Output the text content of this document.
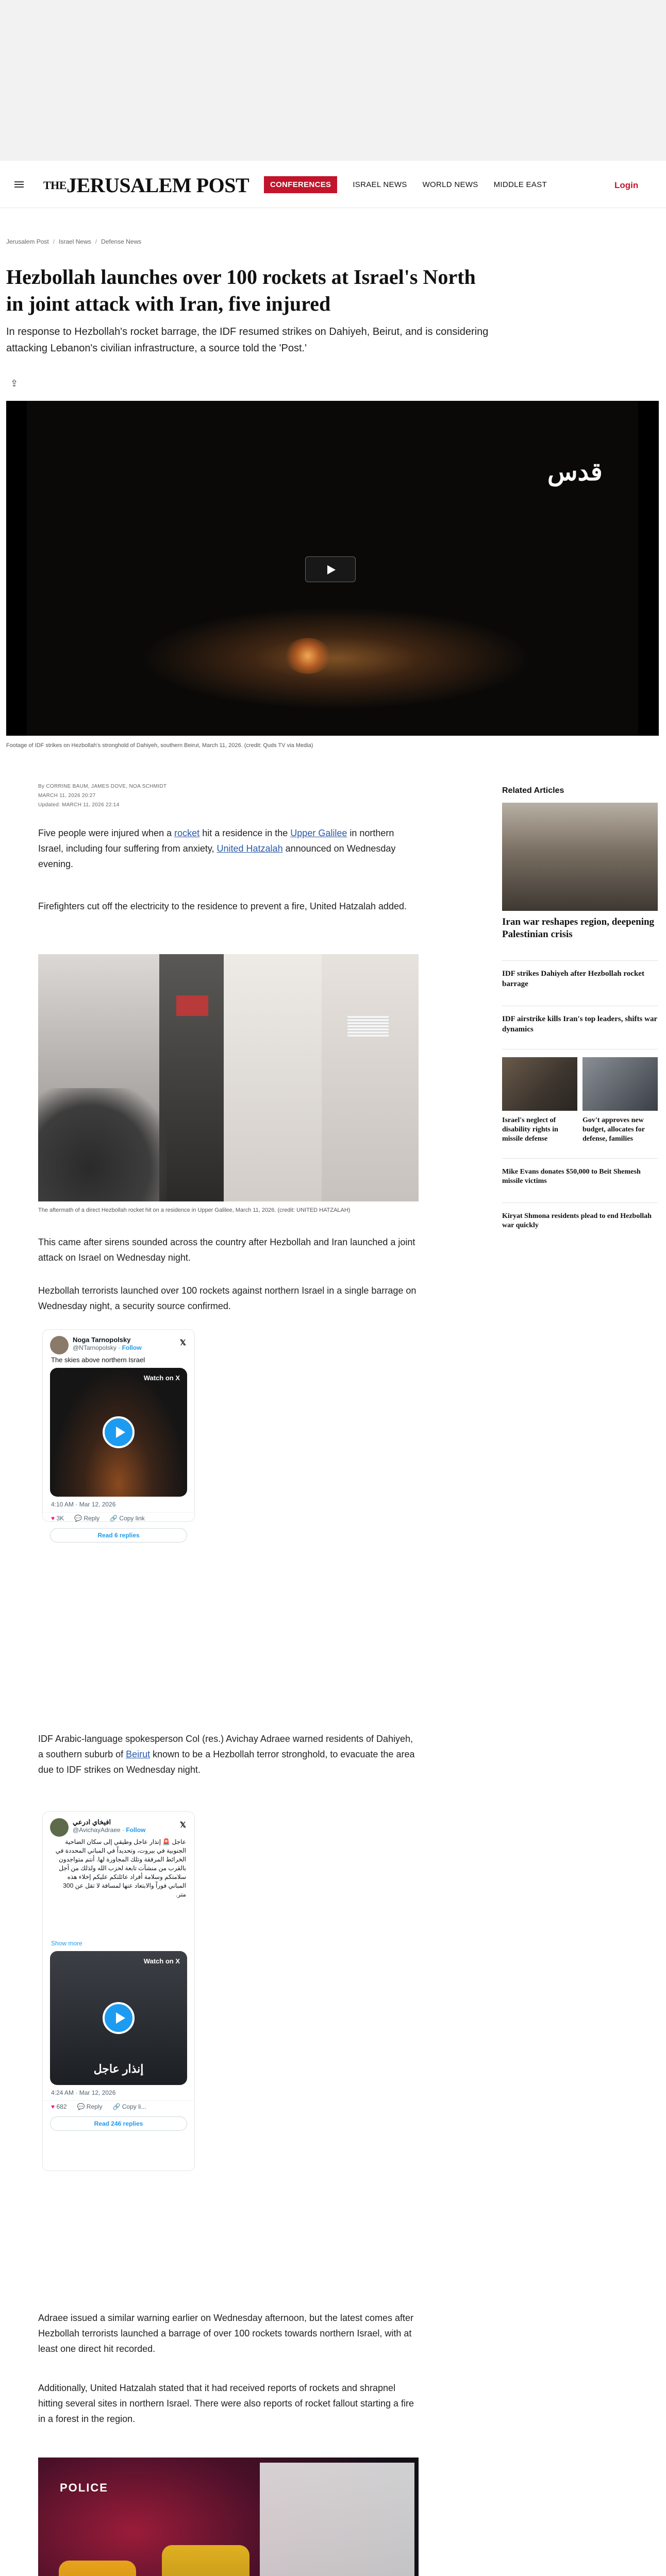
$^{THE}$JERUSALEM POST	CONFERENCES	ISRAEL NEWS WORLD NEWS MIDDLE EAST	Login
Jerusalem Post / Israel News / Defense News
Hezbollah launches over 100 rockets at Israel's North in joint attack with Iran, five injured

In response to Hezbollah's rocket barrage, the IDF resumed strikes on Dahiyeh, Beirut, and is considering attacking Lebanon's civilian infrastructure, a source told the 'Post.'

⇪
قدس
Footage of IDF strikes on Hezbollah's stronghold of Dahiyeh, southern Beirut, March 11, 2026. (credit: Quds TV via Media)
By CORRINE BAUM, JAMES DOVE, NOA SCHMIDT
MARCH 11, 2026 20:27
Updated: MARCH 11, 2026 22:14

Five people were injured when a rocket hit a residence in the Upper Galilee in northern Israel, including four suffering from anxiety, United Hatzalah announced on Wednesday evening.

Firefighters cut off the electricity to the residence to prevent a fire, United Hatzalah added.

The aftermath of a direct Hezbollah rocket hit on a residence in Upper Galilee, March 11, 2026. (credit: UNITED HATZALAH)

This came after sirens sounded across the country after Hezbollah and Iran launched a joint attack on Israel on Wednesday night.

Hezbollah terrorists launched over 100 rockets against northern Israel in a single barrage on Wednesday night, a security source confirmed.

Noga Tarnopolsky
@NTarnopolsky · Follow
𝕏
The skies above northern Israel
Watch on X
4:10 AM · Mar 12, 2026
♥ 3K 💬 Reply 🔗 Copy link
Read 6 replies

IDF Arabic-language spokesperson Col (res.) Avichay Adraee warned residents of Dahiyeh, a southern suburb of Beirut known to be a Hezbollah terror stronghold, to evacuate the area due to IDF strikes on Wednesday night.

افيخاي ادرعي
@AvichayAdraee · Follow
𝕏
عاجل 🚨 إنذار عاجل وطيقي إلى سكان الضاحية الجنوبية في بيروت، وتحديداً في المباني المحددة في الخرائط المرفقة وتلك المجاورة لها. أنتم متواجدون بالقرب من منشآت تابعة لحزب الله ولذلك من أجل سلامتكم وسلامة أفراد عائلتكم عليكم إخلاء هذه المباني فوراً والابتعاد عنها لمسافة لا تقل عن 300 متر.
Show more
Watch on X
إنذار عاجل
4:24 AM · Mar 12, 2026
♥ 682 💬 Reply 🔗 Copy li...
Read 246 replies

Adraee issued a similar warning earlier on Wednesday afternoon, but the latest comes after Hezbollah terrorists launched a barrage of over 100 rockets towards northern Israel, with at least one direct hit recorded.

Additionally, United Hatzalah stated that it had received reports of rockets and shrapnel hitting several sites in northern Israel. There were also reports of rocket fallout starting a fire in a forest in the region.

POLICE

Related Articles
Iran war reshapes region, deepening Palestinian crisis
IDF strikes Dahiyeh after Hezbollah rocket barrage
IDF airstrike kills Iran's top leaders, shifts war dynamics
Israel's neglect of disability rights in missile defense
Gov't approves new budget, allocates for defense, families
Mike Evans donates $50,000 to Beit Shemesh missile victims
Kiryat Shmona residents plead to end Hezbollah war quickly
